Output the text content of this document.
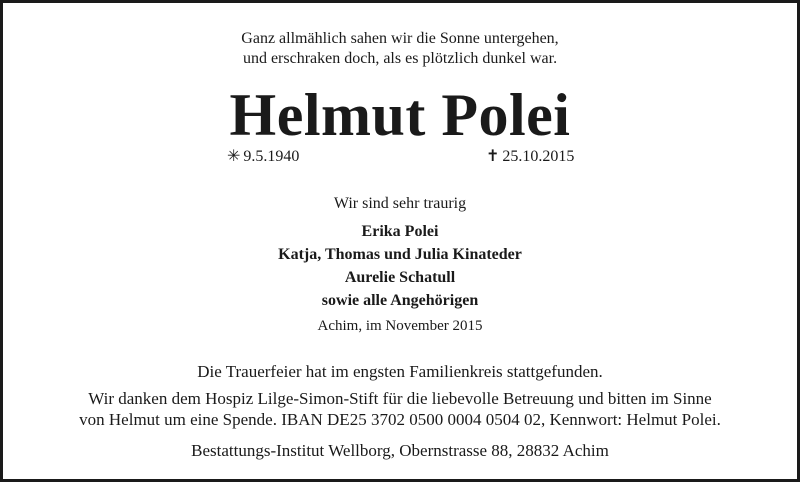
Ganz allmählich sahen wir die Sonne untergehen,
und erschraken doch, als es plötzlich dunkel war.
Helmut Polei
✳ 9.5.1940	✝ 25.10.2015
Wir sind sehr traurig
Erika Polei
Katja, Thomas und Julia Kinateder
Aurelie Schatull
sowie alle Angehörigen
Achim, im November 2015
Die Trauerfeier hat im engsten Familienkreis stattgefunden.
Wir danken dem Hospiz Lilge-Simon-Stift für die liebevolle Betreuung und bitten im Sinne
von Helmut um eine Spende. IBAN DE25 3702 0500 0004 0504 02, Kennwort: Helmut Polei.
Bestattungs-Institut Wellborg, Obernstrasse 88, 28832 Achim
